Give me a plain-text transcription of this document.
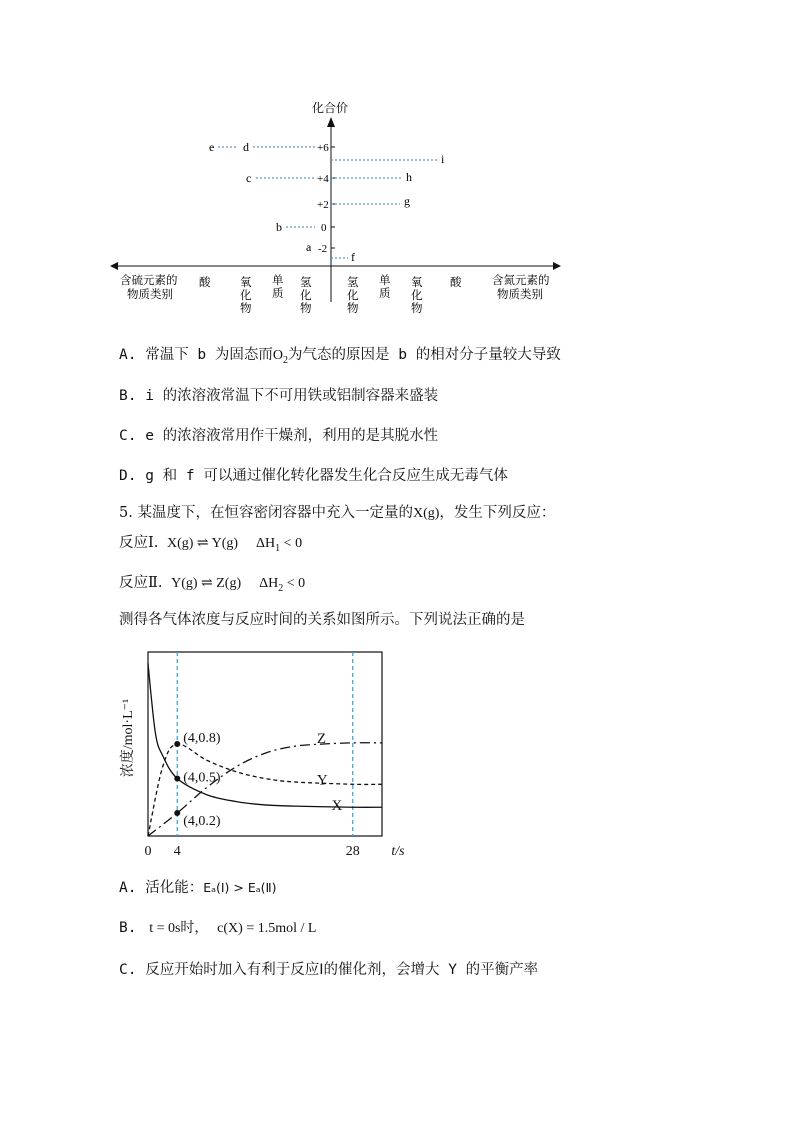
化合价
+6
+4
+2
0
-2
e d
c
b
a
i
h
g
f
含硫元素的
物质类别
含氮元素的
物质类别
酸	氧
化
物
单
质
氢
化
物
氢
化
物
单
质
氧
化
物
酸
A. 常温下 b 为固态而$O_2$为气态的原因是 b 的相对分子量较大导致
B. i 的浓溶液常温下不可用铁或铝制容器来盛装
C. e 的浓溶液常用作干燥剂，利用的是其脱水性
D. g 和 f 可以通过催化转化器发生化合反应生成无毒气体
5. 某温度下，在恒容密闭容器中充入一定量的X(g)，发生下列反应：
反应Ⅰ. X(g) ⇌ Y(g) $\Delta H_1 < 0$
反应Ⅱ. Y(g) ⇌ Z(g) $\Delta H_2 < 0$
测得各气体浓度与反应时间的关系如图所示。下列说法正确的是
X
Y
Z
(4,0.8)
(4,0.5)
(4,0.2)
0 4	28 t/s
浓度/mol·L⁻¹
A. 活化能：Eₐ(Ⅰ) > Eₐ(Ⅱ)
B. t = 0s时， c(X) = 1.5mol / L
C. 反应开始时加入有利于反应Ⅰ的催化剂，会增大 Y 的平衡产率
